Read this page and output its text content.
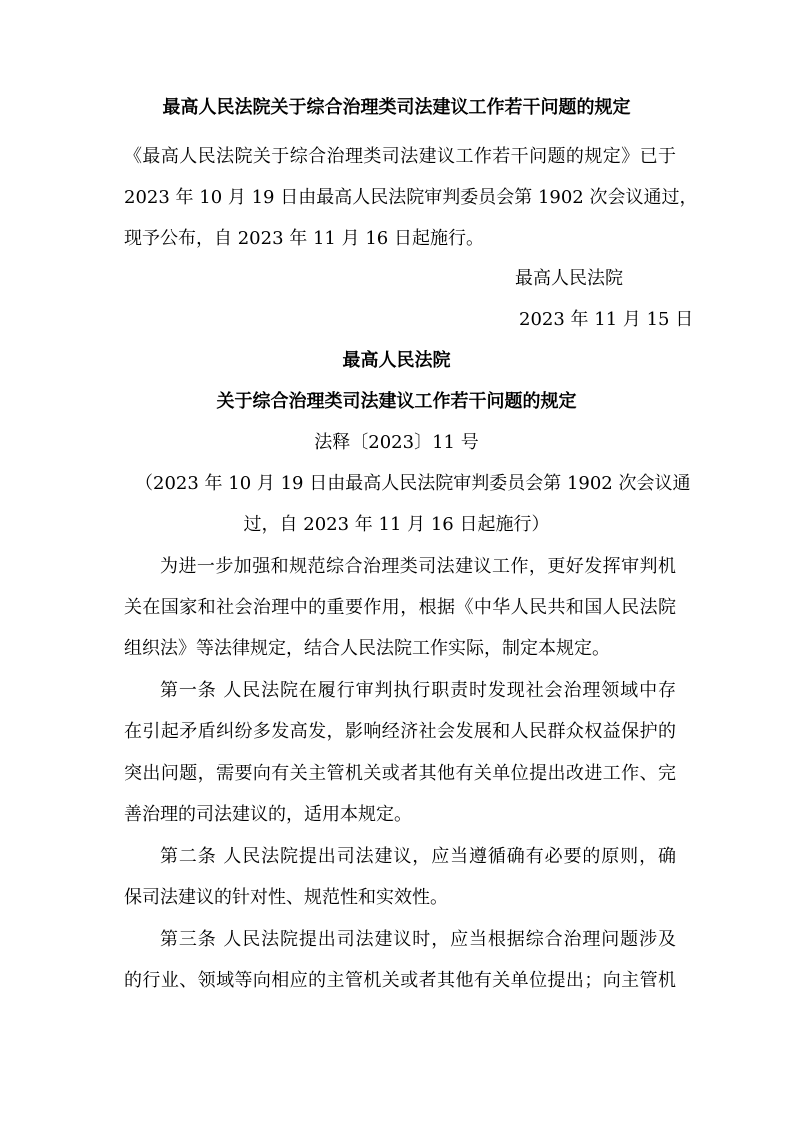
最高人民法院关于综合治理类司法建议工作若干问题的规定
《最高人民法院关于综合治理类司法建议工作若干问题的规定》已于
2023 年 10 月 19 日由最高人民法院审判委员会第 1902 次会议通过，
现予公布，自 2023 年 11 月 16 日起施行。
最高人民法院
2023 年 11 月 15 日
最高人民法院
关于综合治理类司法建议工作若干问题的规定
法释〔2023〕11 号
（2023 年 10 月 19 日由最高人民法院审判委员会第 1902 次会议通
过，自 2023 年 11 月 16 日起施行）
为进一步加强和规范综合治理类司法建议工作，更好发挥审判机
关在国家和社会治理中的重要作用，根据《中华人民共和国人民法院
组织法》等法律规定，结合人民法院工作实际，制定本规定。
第一条 人民法院在履行审判执行职责时发现社会治理领域中存
在引起矛盾纠纷多发高发，影响经济社会发展和人民群众权益保护的
突出问题，需要向有关主管机关或者其他有关单位提出改进工作、完
善治理的司法建议的，适用本规定。
第二条 人民法院提出司法建议，应当遵循确有必要的原则，确
保司法建议的针对性、规范性和实效性。
第三条 人民法院提出司法建议时，应当根据综合治理问题涉及
的行业、领域等向相应的主管机关或者其他有关单位提出；向主管机
